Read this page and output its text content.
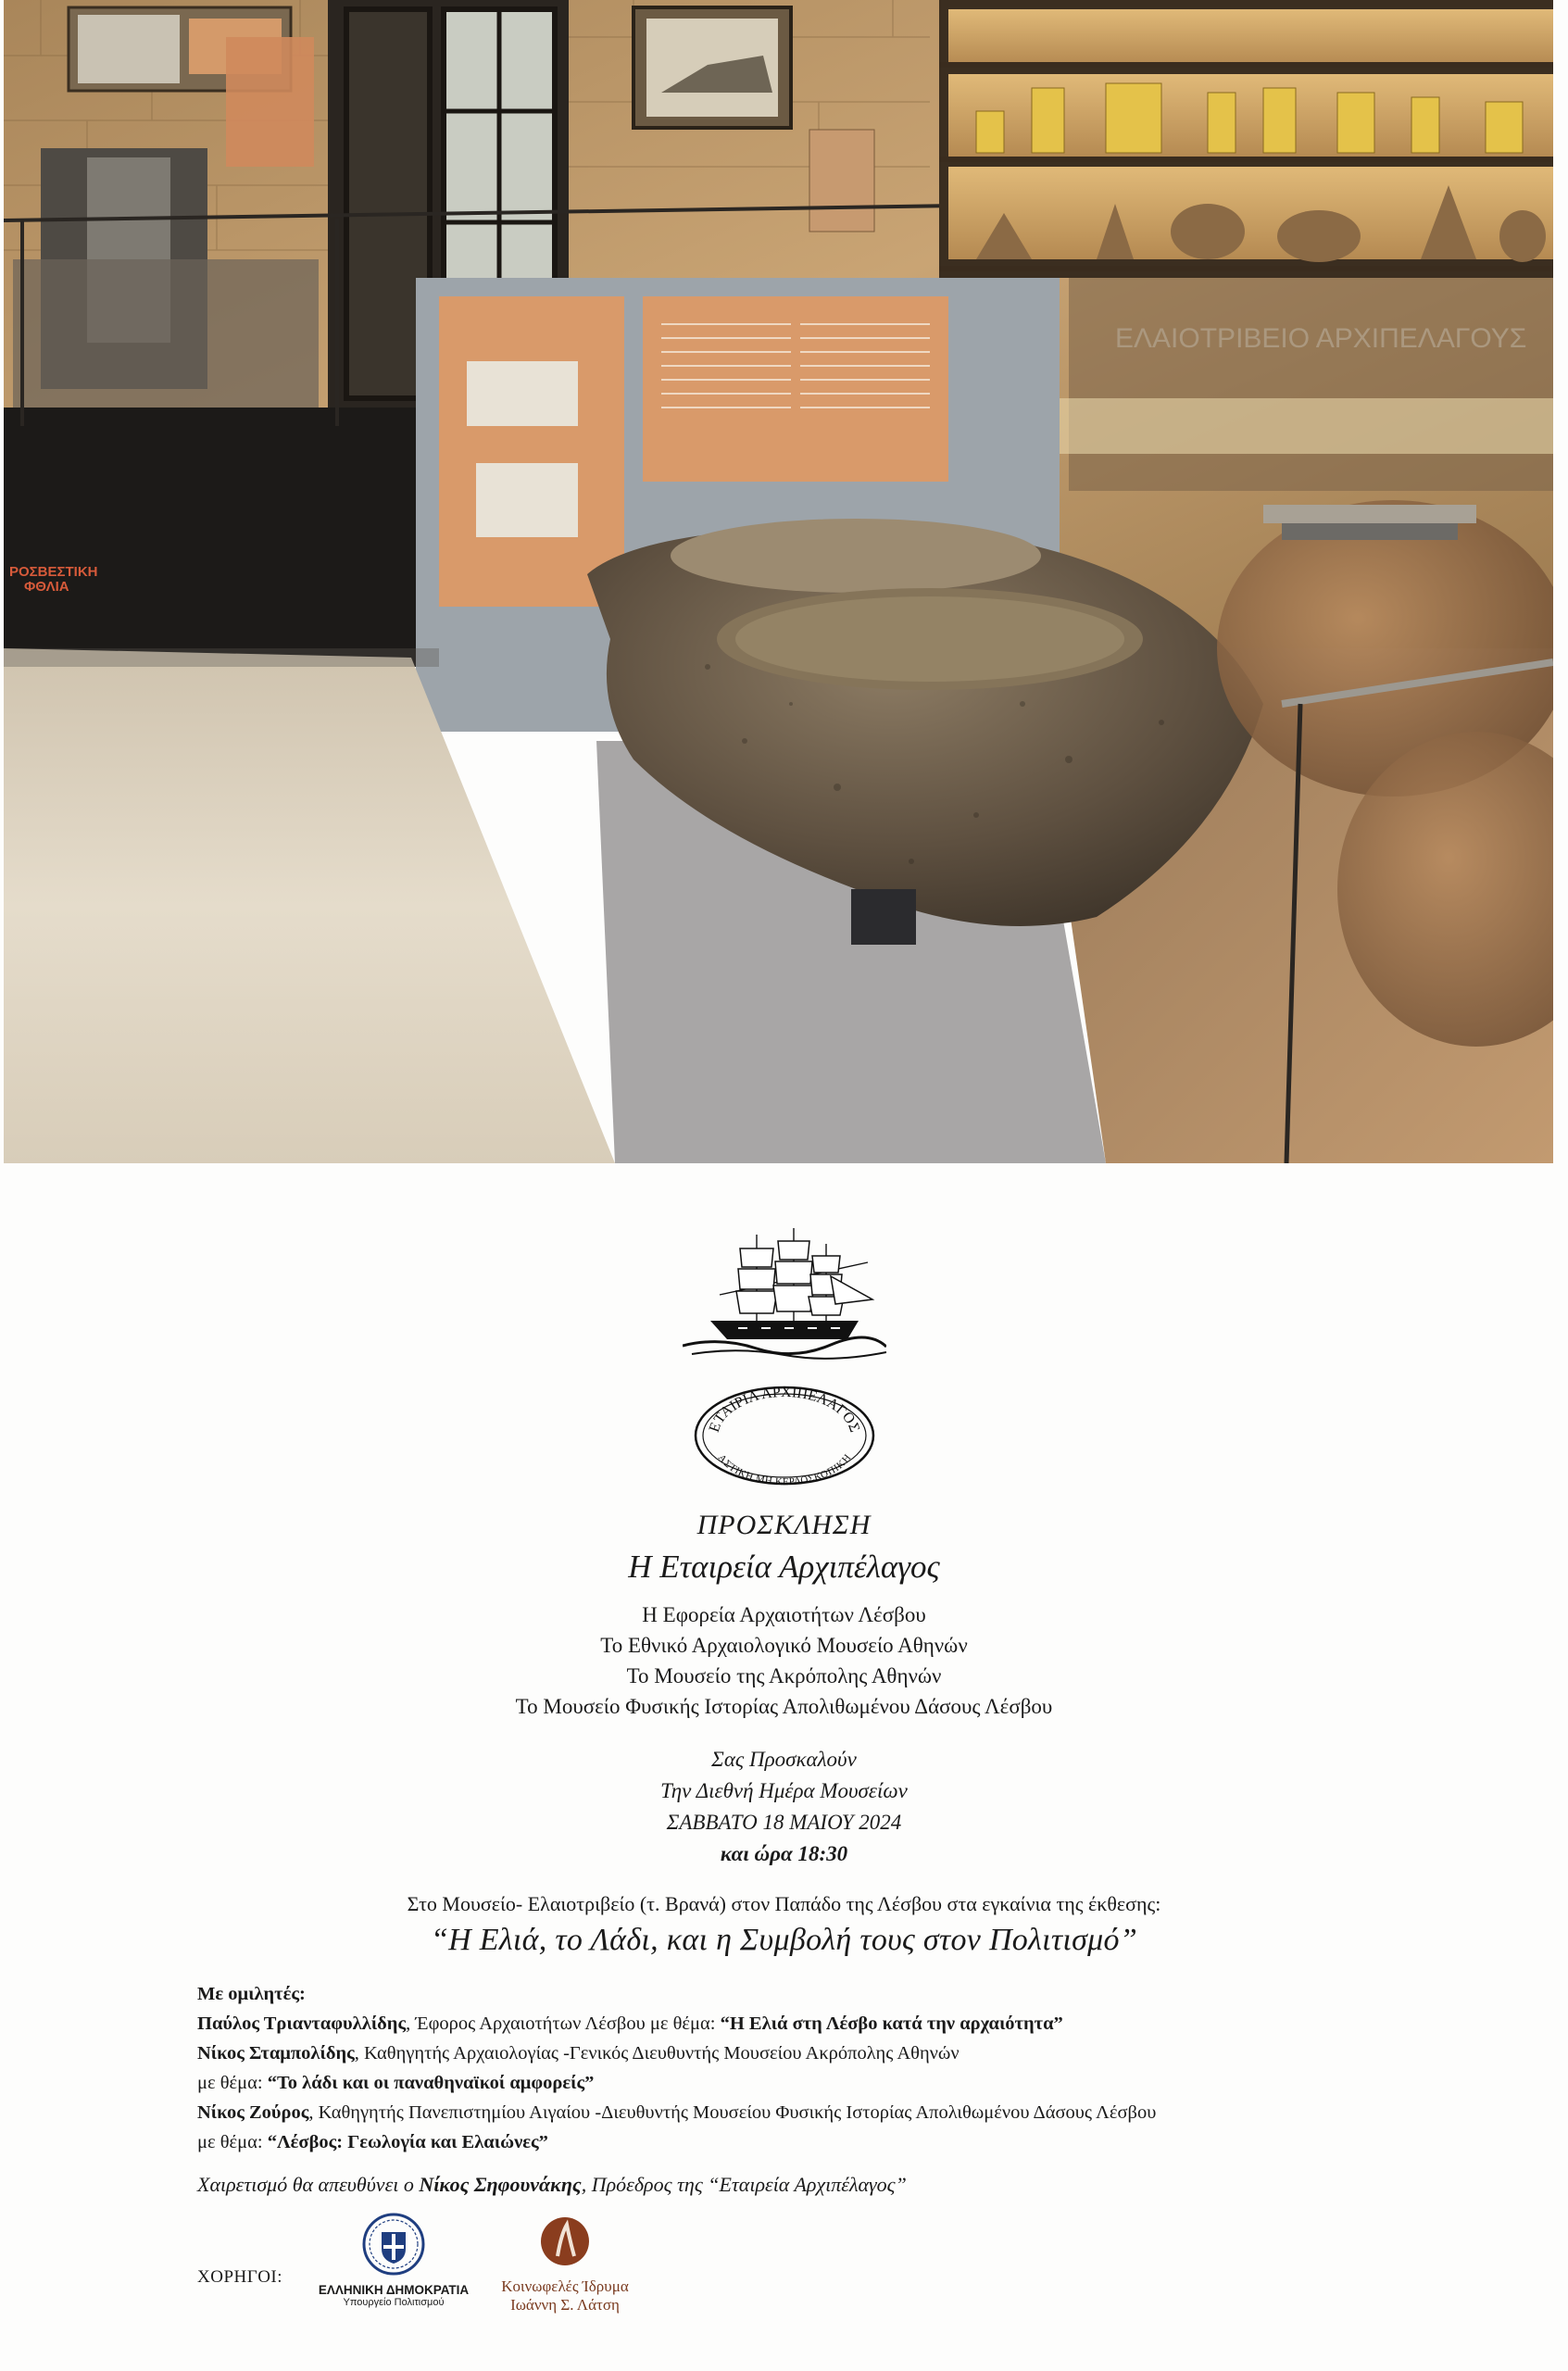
ΡΟΣΒΕΣΤΙΚΗ
ΦΘΛΙΑ
ΕΤΑΙΡΙΑ ΑΡΧΙΠΕΛΑΓΟΣ
ΑΣΤΙΚΗ ΜΗ ΚΕΡΔΟΣΚΟΠΙΚΗ
ΠΡΟΣΚΛΗΣΗ
Η Εταιρεία Αρχιπέλαγος
Η Εφορεία Αρχαιοτήτων Λέσβου
Το Εθνικό Αρχαιολογικό Μουσείο Αθηνών
Το Μουσείο της Ακρόπολης Αθηνών
Το Μουσείο Φυσικής Ιστορίας Απολιθωμένου Δάσους Λέσβου
Σας Προσκαλούν
Την Διεθνή Ημέρα Μουσείων
ΣΑΒΒΑΤΟ 18 ΜΑΙΟΥ 2024
και ώρα 18:30
Στο Μουσείο- Ελαιοτριβείο (τ. Βρανά) στον Παπάδο της Λέσβου στα εγκαίνια της έκθεσης:
“Η Ελιά, το Λάδι, και η Συμβολή τους στον Πολιτισμό”
Με ομιλητές:
Παύλος Τριανταφυλλίδης, Έφορος Αρχαιοτήτων Λέσβου με θέμα: “Η Ελιά στη Λέσβο κατά την αρχαιότητα”
Νίκος Σταμπολίδης, Καθηγητής Αρχαιολογίας -Γενικός Διευθυντής Μουσείου Ακρόπολης Αθηνών
με θέμα: “Το λάδι και οι παναθηναϊκοί αμφορείς”
Νίκος Ζούρος, Καθηγητής Πανεπιστημίου Αιγαίου -Διευθυντής Μουσείου Φυσικής Ιστορίας Απολιθωμένου Δάσους Λέσβου
με θέμα: “Λέσβος: Γεωλογία και Ελαιώνες”
Χαιρετισμό θα απευθύνει ο Νίκος Σηφουνάκης, Πρόεδρος της “Εταιρεία Αρχιπέλαγος”
ΧΟΡΗΓΟΙ:
ΕΛΛΗΝΙΚΗ ΔΗΜΟΚΡΑΤΙΑ
Υπουργείο Πολιτισμού
Κοινωφελές Ίδρυμα
Ιωάννη Σ. Λάτση
